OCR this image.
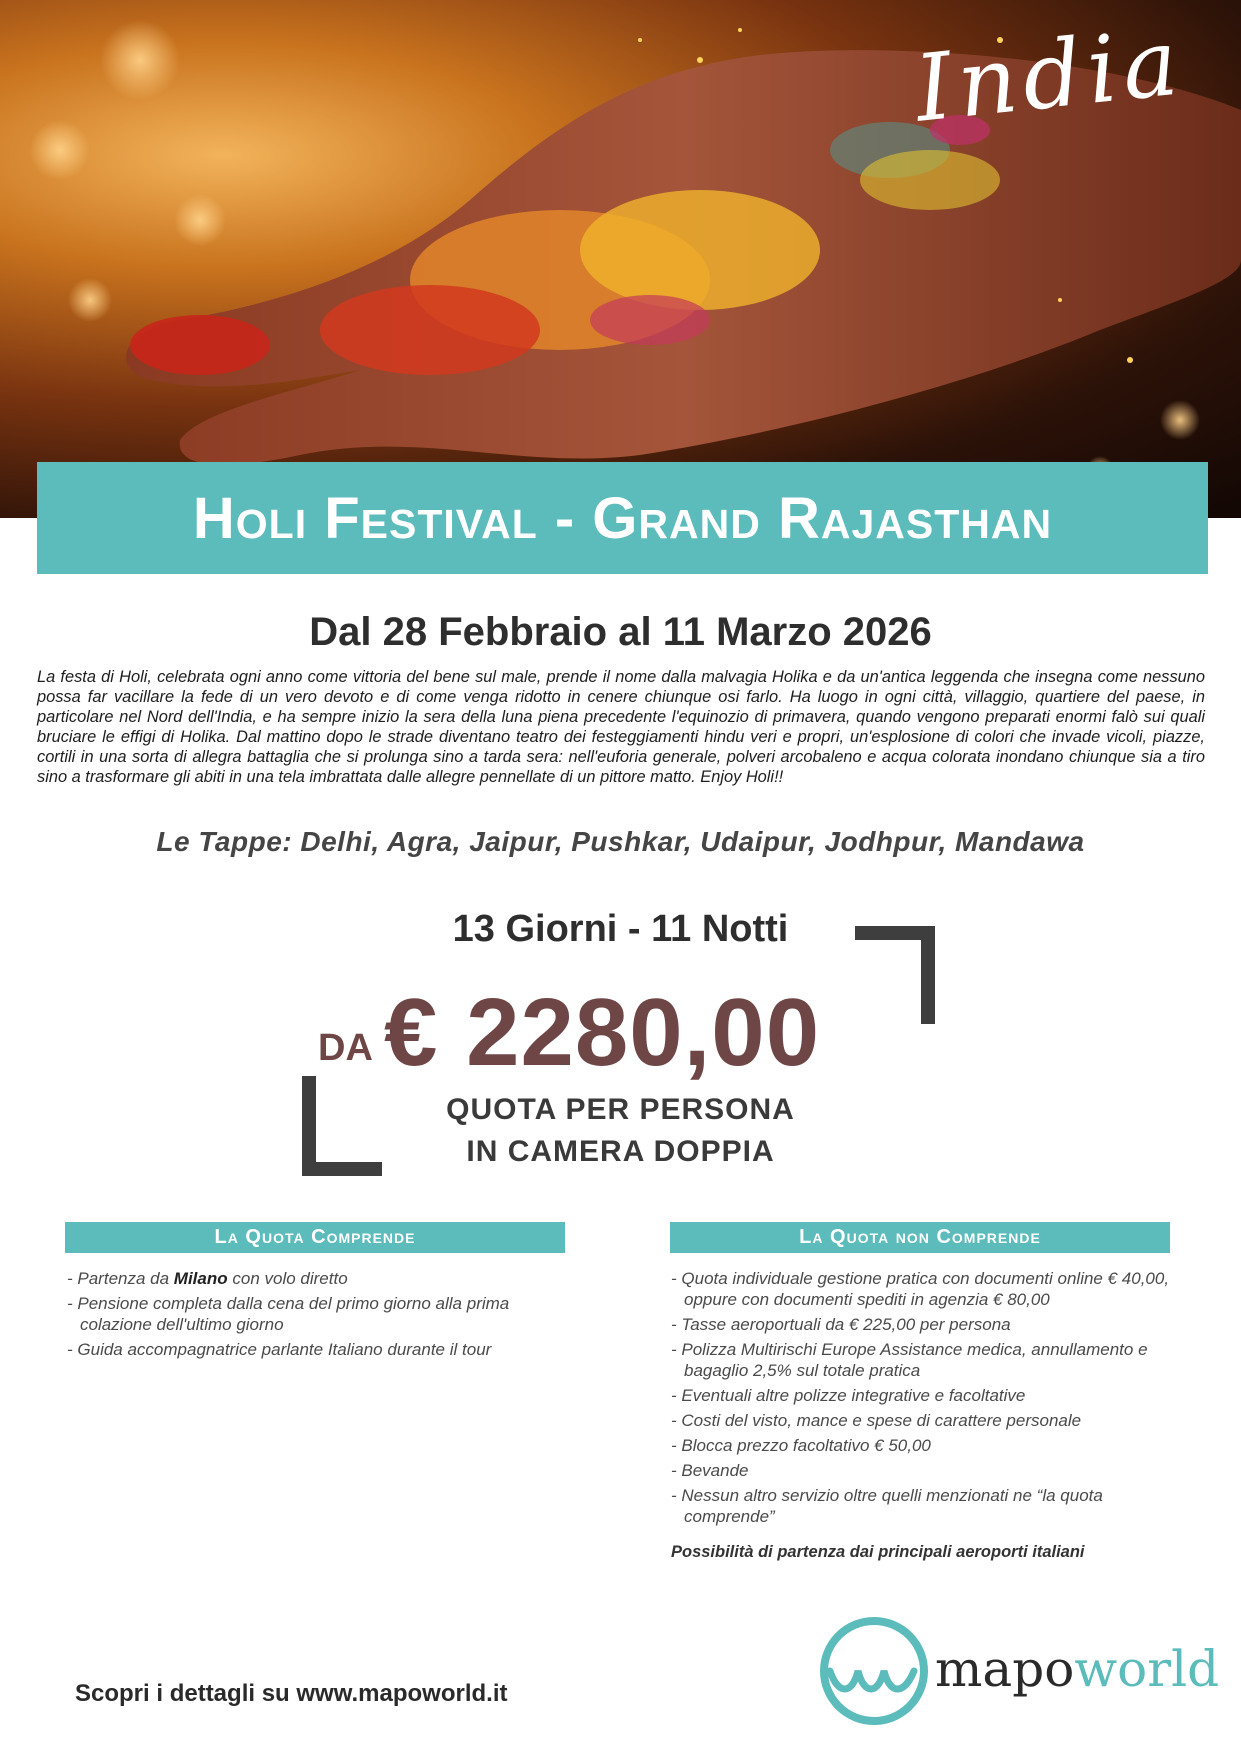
India
Holi Festival - Grand Rajasthan
Dal 28 Febbraio al 11 Marzo 2026

La festa di Holi, celebrata ogni anno come vittoria del bene sul male, prende il nome dalla malvagia Holika e da un'antica leggenda che insegna come nessuno possa far vacillare la fede di un vero devoto e di come venga ridotto in cenere chiunque osi farlo. Ha luogo in ogni città, villaggio, quartiere del paese, in particolare nel Nord dell'India, e ha sempre inizio la sera della luna piena precedente l'equinozio di primavera, quando vengono preparati enormi falò sui quali bruciare le effigi di Holika. Dal mattino dopo le strade diventano teatro dei festeggiamenti hindu veri e propri, un'esplosione di colori che invade vicoli, piazze, cortili in una sorta di allegra battaglia che si prolunga sino a tarda sera: nell'euforia generale, polveri arcobaleno e acqua colorata inondano chiunque sia a tiro sino a trasformare gli abiti in una tela imbrattata dalle allegre pennellate di un pittore matto. Enjoy Holi!!

Le Tappe: Delhi, Agra, Jaipur, Pushkar, Udaipur, Jodhpur, Mandawa
13 Giorni - 11 Notti
DA € 2280,00
QUOTA PER PERSONA
IN CAMERA DOPPIA
La Quota Comprende
- Partenza da Milano con volo diretto
- Pensione completa dalla cena del primo giorno alla prima colazione dell'ultimo giorno
- Guida accompagnatrice parlante Italiano durante il tour
La Quota non Comprende
- Quota individuale gestione pratica con documenti online € 40,00, oppure con documenti spediti in agenzia € 80,00
- Tasse aeroportuali da € 225,00 per persona
- Polizza Multirischi Europe Assistance medica, annullamento e bagaglio 2,5% sul totale pratica
- Eventuali altre polizze integrative e facoltative
- Costi del visto, mance e spese di carattere personale
- Blocca prezzo facoltativo € 50,00
- Bevande
- Nessun altro servizio oltre quelli menzionati ne “la quota comprende”
Possibilità di partenza dai principali aeroporti italiani
Scopri i dettagli su www.mapoworld.it	mapoworld
